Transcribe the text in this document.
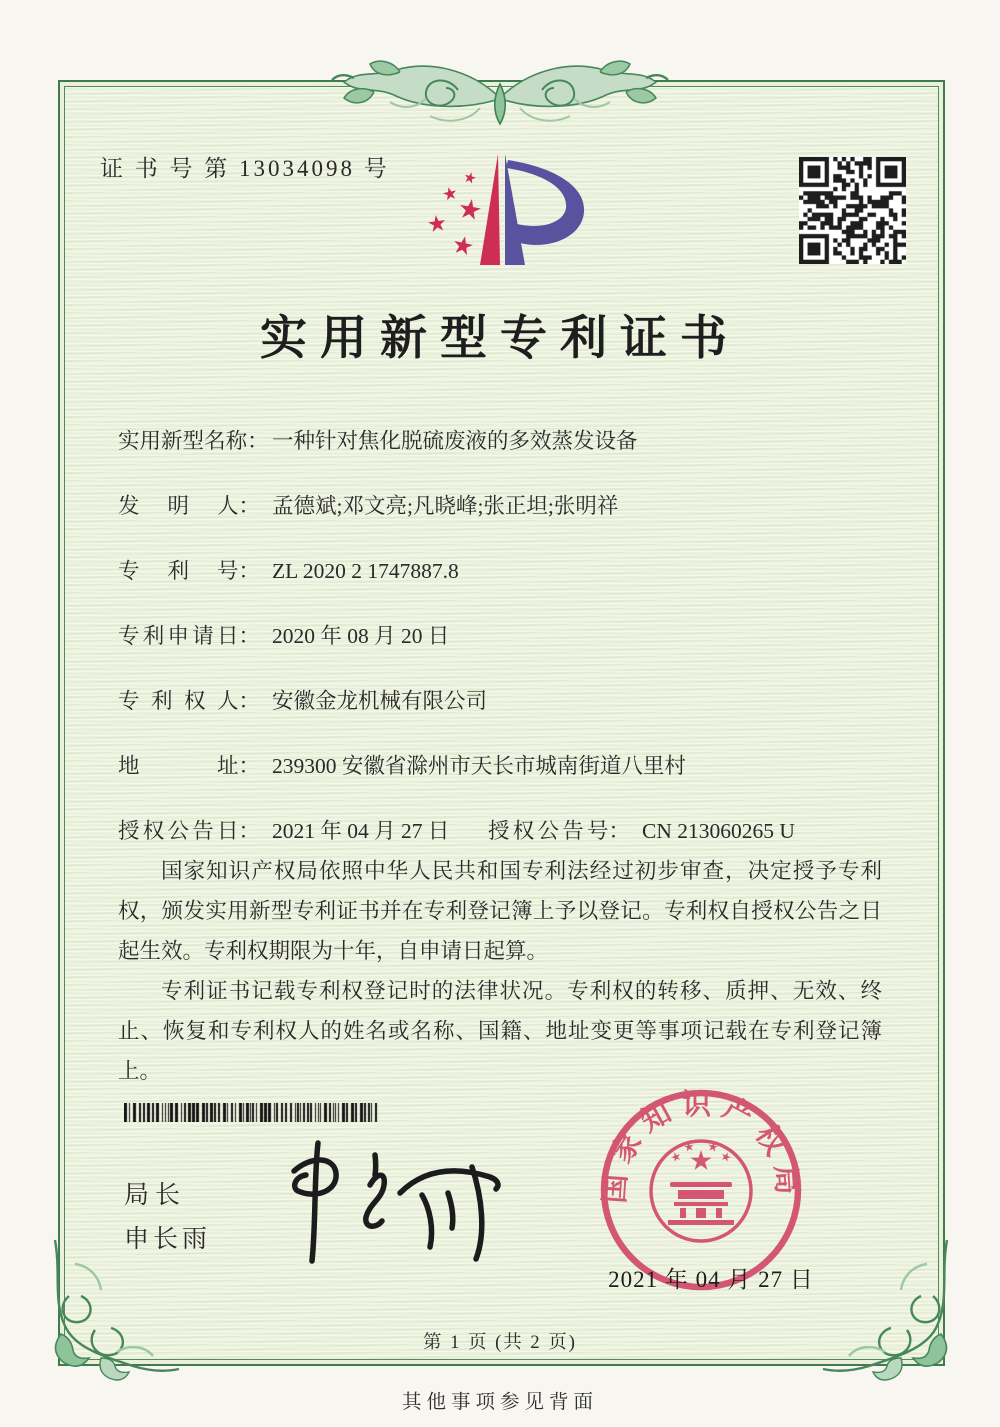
证 书 号 第 13034098 号
实用新型专利证书
实 用 新 型 名 称： 一种针对焦化脱硫废液的多效蒸发设备
发 明 人： 孟德斌;邓文亮;凡晓峰;张正坦;张明祥
专 利 号： ZL 2020 2 1747887.8
专 利 申 请 日： 2020 年 08 月 20 日
专 利 权 人： 安徽金龙机械有限公司
地	址： 239300 安徽省滁州市天长市城南街道八里村
授 权 公 告 日： 2021 年 04 月 27 日 授 权 公 告 号： CN 213060265 U

国家知识产权局依照中华人民共和国专利法经过初步审查，决定授予专利权，颁发实用新型专利证书并在专利登记簿上予以登记。专利权自授权公告之日起生效。专利权期限为十年，自申请日起算。

专利证书记载专利权登记时的法律状况。专利权的转移、质押、无效、终止、恢复和专利权人的姓名或名称、国籍、地址变更等事项记载在专利登记簿上。

局长
申长雨
国家知识产权局
2021 年 04 月 27 日
第 1 页 (共 2 页)
其他事项参见背面
